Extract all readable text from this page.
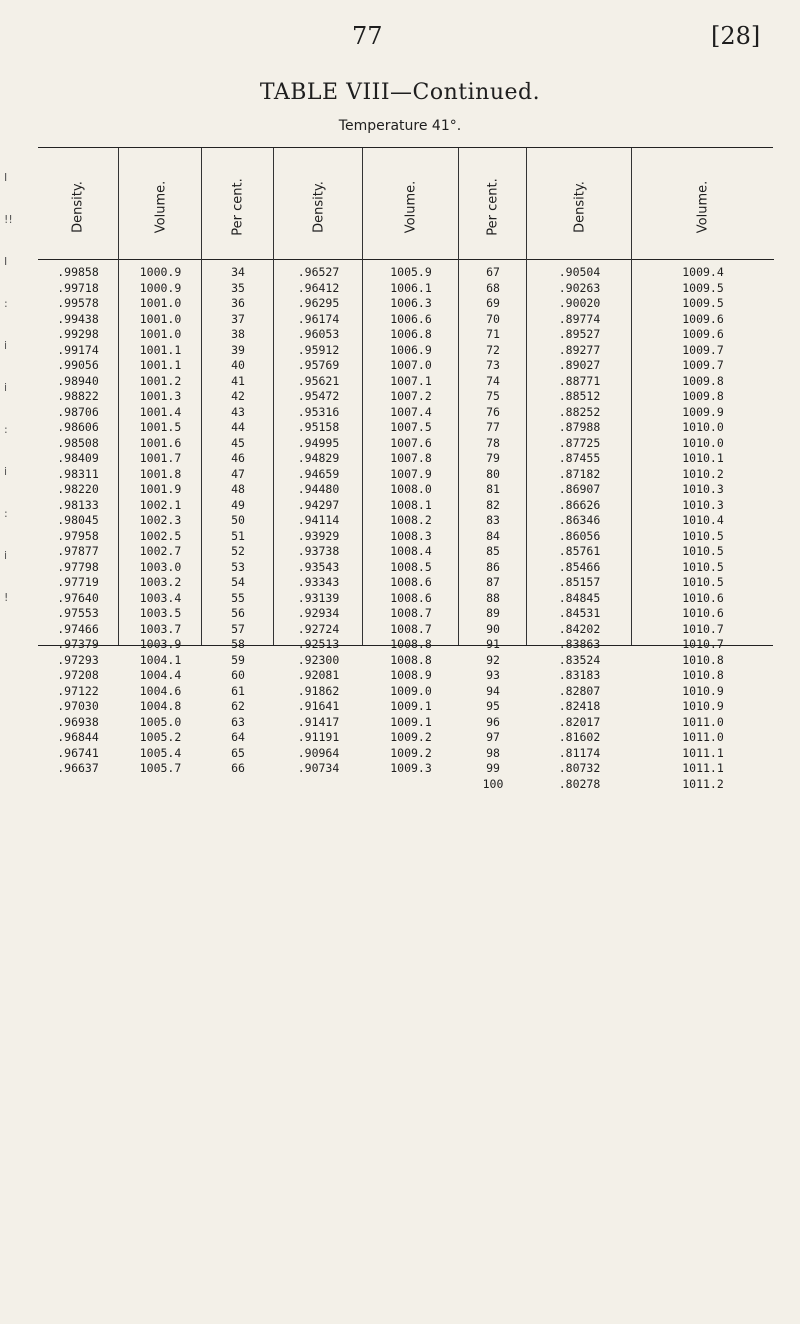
77	[28]
TABLE VIII—Continued.
Temperature 41°.
I
!!
I
:
i
i
:
i
:
i
!
Density.
.99858
.99718
.99578
.99438
.99298
.99174
.99056
.98940
.98822
.98706
.98606
.98508
.98409
.98311
.98220
.98133
.98045
.97958
.97877
.97798
.97719
.97640
.97553
.97466
.97379
.97293
.97208
.97122
.97030
.96938
.96844
.96741
.96637
Volume.
1000.9
1000.9
1001.0
1001.0
1001.0
1001.1
1001.1
1001.2
1001.3
1001.4
1001.5
1001.6
1001.7
1001.8
1001.9
1002.1
1002.3
1002.5
1002.7
1003.0
1003.2
1003.4
1003.5
1003.7
1003.9
1004.1
1004.4
1004.6
1004.8
1005.0
1005.2
1005.4
1005.7
Per cent.
34
35
36
37
38
39
40
41
42
43
44
45
46
47
48
49
50
51
52
53
54
55
56
57
58
59
60
61
62
63
64
65
66
Density.
.96527
.96412
.96295
.96174
.96053
.95912
.95769
.95621
.95472
.95316
.95158
.94995
.94829
.94659
.94480
.94297
.94114
.93929
.93738
.93543
.93343
.93139
.92934
.92724
.92513
.92300
.92081
.91862
.91641
.91417
.91191
.90964
.90734
Volume.
1005.9
1006.1
1006.3
1006.6
1006.8
1006.9
1007.0
1007.1
1007.2
1007.4
1007.5
1007.6
1007.8
1007.9
1008.0
1008.1
1008.2
1008.3
1008.4
1008.5
1008.6
1008.6
1008.7
1008.7
1008.8
1008.8
1008.9
1009.0
1009.1
1009.1
1009.2
1009.2
1009.3
Per cent.
67
68
69
70
71
72
73
74
75
76
77
78
79
80
81
82
83
84
85
86
87
88
89
90
91
92
93
94
95
96
97
98
99
100
Density.
.90504
.90263
.90020
.89774
.89527
.89277
.89027
.88771
.88512
.88252
.87988
.87725
.87455
.87182
.86907
.86626
.86346
.86056
.85761
.85466
.85157
.84845
.84531
.84202
.83863
.83524
.83183
.82807
.82418
.82017
.81602
.81174
.80732
.80278
Volume.
1009.4
1009.5
1009.5
1009.6
1009.6
1009.7
1009.7
1009.8
1009.8
1009.9
1010.0
1010.0
1010.1
1010.2
1010.3
1010.3
1010.4
1010.5
1010.5
1010.5
1010.5
1010.6
1010.6
1010.7
1010.7
1010.8
1010.8
1010.9
1010.9
1011.0
1011.0
1011.1
1011.1
1011.2
